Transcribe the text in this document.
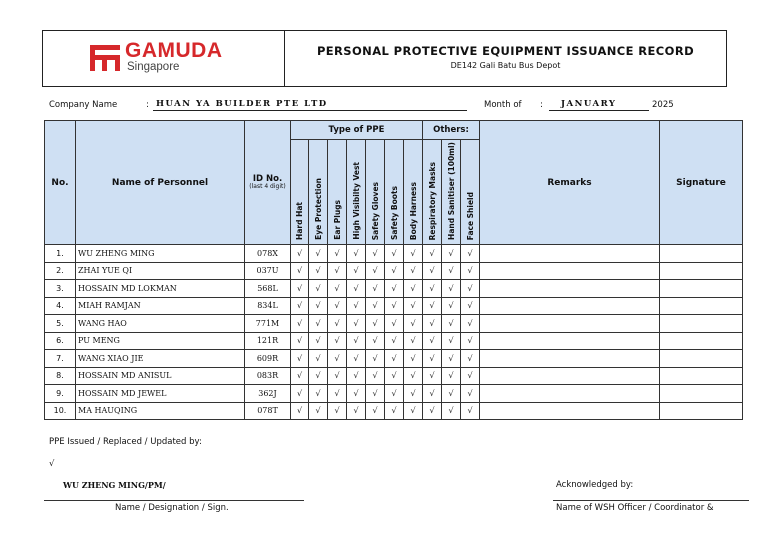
GAMUDA
Singapore
PERSONAL PROTECTIVE EQUIPMENT ISSUANCE RECORD
DE142 Gali Batu Bus Depot
Company Name	: HUAN YA BUILDER PTE LTD	Month of : JANUARY	2025
No.	Name of Personnel	ID No.
(last 4 digit)	Type of PPE							Others:			Remarks	Signature
			Hard Hat	Eye Protection	Ear Plugs	High Visibilty Vest	Safety Gloves	Safety Boots	Body Harness	Respiratory Masks	Hand Sanitiser (100ml)	Face Shield		
1.	WU ZHENG MING	078X	√	√	√	√	√	√	√	√	√	√		
2.	ZHAI YUE QI	037U	√	√	√	√	√	√	√	√	√	√		
3.	HOSSAIN MD LOKMAN	568L	√	√	√	√	√	√	√	√	√	√		
4.	MIAH RAMJAN	834L	√	√	√	√	√	√	√	√	√	√		
5.	WANG HAO	771M	√	√	√	√	√	√	√	√	√	√		
6.	PU MENG	121R	√	√	√	√	√	√	√	√	√	√		
7.	WANG XIAO JIE	609R	√	√	√	√	√	√	√	√	√	√		
8.	HOSSAIN MD ANISUL	083R	√	√	√	√	√	√	√	√	√	√		
9.	HOSSAIN MD JEWEL	362J	√	√	√	√	√	√	√	√	√	√		
10.	MA HAUQING	078T	√	√	√	√	√	√	√	√	√	√		
PPE Issued / Replaced / Updated by:
√
WU ZHENG MING/PM/
Name / Designation / Sign.
Acknowledged by:
Name of WSH Officer / Coordinator &
